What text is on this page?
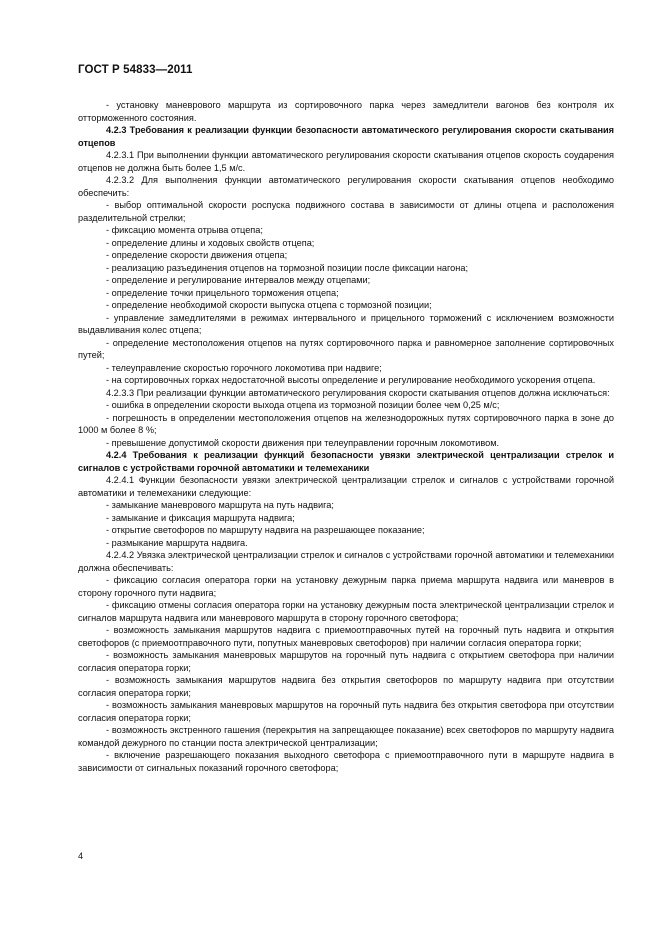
ГОСТ Р 54833—2011

- установку маневрового маршрута из сортировочного парка через замедлители вагонов без контроля их отторможенного состояния.

4.2.3 Требования к реализации функции безопасности автоматического регулирования скорости скатывания отцепов

4.2.3.1 При выполнении функции автоматического регулирования скорости скатывания отцепов скорость соударения отцепов не должна быть более 1,5 м/с.

4.2.3.2 Для выполнения функции автоматического регулирования скорости скатывания отцепов необходимо обеспечить:

- выбор оптимальной скорости роспуска подвижного состава в зависимости от длины отцепа и расположения разделительной стрелки;

- фиксацию момента отрыва отцепа;

- определение длины и ходовых свойств отцепа;

- определение скорости движения отцепа;

- реализацию разъединения отцепов на тормозной позиции после фиксации нагона;

- определение и регулирование интервалов между отцепами;

- определение точки прицельного торможения отцепа;

- определение необходимой скорости выпуска отцепа с тормозной позиции;

- управление замедлителями в режимах интервального и прицельного торможений с исключением возможности выдавливания колес отцепа;

- определение местоположения отцепов на путях сортировочного парка и равномерное заполнение сортировочных путей;

- телеуправление скоростью горочного локомотива при надвиге;

- на сортировочных горках недостаточной высоты определение и регулирование необходимого ускорения отцепа.

4.2.3.3 При реализации функции автоматического регулирования скорости скатывания отцепов должна исключаться:

- ошибка в определении скорости выхода отцепа из тормозной позиции более чем 0,25 м/с;

- погрешность в определении местоположения отцепов на железнодорожных путях сортировочного парка в зоне до 1000 м более 8 %;

- превышение допустимой скорости движения при телеуправлении горочным локомотивом.

4.2.4 Требования к реализации функций безопасности увязки электрической централизации стрелок и сигналов с устройствами горочной автоматики и телемеханики

4.2.4.1 Функции безопасности увязки электрической централизации стрелок и сигналов с устройствами горочной автоматики и телемеханики следующие:

- замыкание маневрового маршрута на путь надвига;

- замыкание и фиксация маршрута надвига;

- открытие светофоров по маршруту надвига на разрешающее показание;

- размыкание маршрута надвига.

4.2.4.2 Увязка электрической централизации стрелок и сигналов с устройствами горочной автоматики и телемеханики должна обеспечивать:

- фиксацию согласия оператора горки на установку дежурным парка приема маршрута надвига или маневров в сторону горочного пути надвига;

- фиксацию отмены согласия оператора горки на установку дежурным поста электрической централизации стрелок и сигналов маршрута надвига или маневрового маршрута в сторону горочного светофора;

- возможность замыкания маршрутов надвига с приемоотправочных путей на горочный путь надвига и открытия светофоров (с приемоотправочного пути, попутных маневровых светофоров) при наличии согласия оператора горки;

- возможность замыкания маневровых маршрутов на горочный путь надвига с открытием светофора при наличии согласия оператора горки;

- возможность замыкания маршрутов надвига без открытия светофоров по маршруту надвига при отсутствии согласия оператора горки;

- возможность замыкания маневровых маршрутов на горочный путь надвига без открытия светофора при отсутствии согласия оператора горки;

- возможность экстренного гашения (перекрытия на запрещающее показание) всех светофоров по маршруту надвига командой дежурного по станции поста электрической централизации;

- включение разрешающего показания выходного светофора с приемоотправочного пути в маршруте надвига в зависимости от сигнальных показаний горочного светофора;

4
